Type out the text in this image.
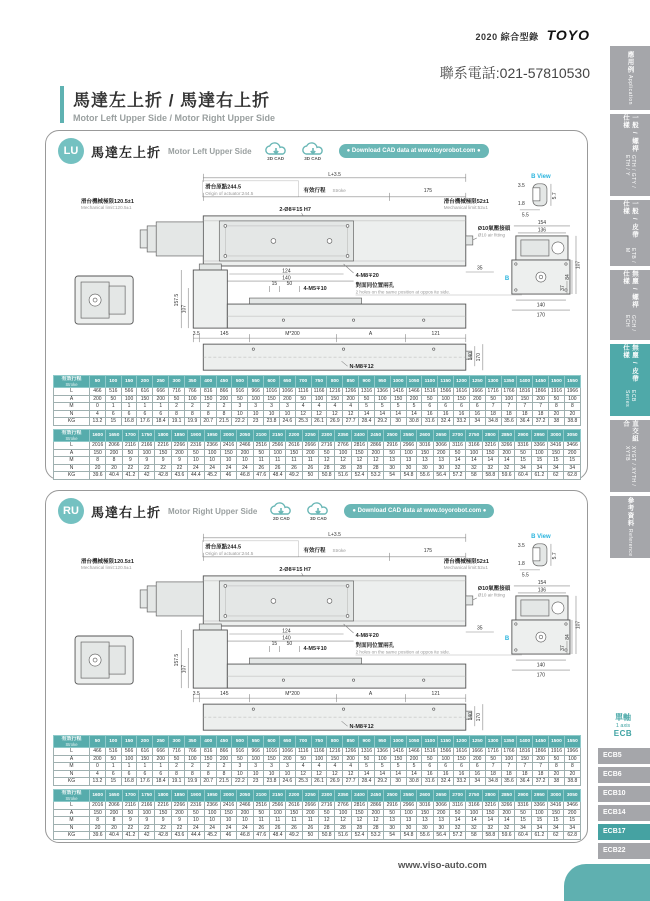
2020 綜合型錄 TOYO
聯系電話:021-57810530
馬達左上折 / 馬達右上折
Motor Left Upper Side / Motor Right Upper Side
LU 馬達左上折 Motor Left Upper Side
2D CAD	3D CAD
● Download CAD data at www.toyorobot.com ●
L+3.5
滑台原點244.5
Origin of actuator:244.5	有效行程 Stroke	175
滑台機械極限120.5±1
Mechanical limit:120.5±1	2-Ø8∓15 H7
滑台機械極限52±1
Mechanical limit:52±1
Ø10氣壓接頭
Ø10 air fitting
35
124
140	4-M8∓20
15 50
4-M5∓10
對面同位置兩孔
2 holes on the same position at oppos ite side.
157.5
107
3.5	145	M*200	A	121
N-M8∓12
140 170
B View
3.5
5.7
1.8
5.5
154
136
B
107
84
37
140
170
有效行程
Stroke	50	100	150	200	250	300	350	400	450	500	550	600	650	700	750	800	850	900	950	1000	1050	1100	1150	1200	1250	1300	1350	1400	1450	1500	1550
L	466	516	566	616	666	716	766	816	866	916	966	1016	1066	1116	1166	1216	1266	1316	1366	1416	1466	1516	1566	1616	1666	1716	1766	1816	1866	1916	1966
A	200	50	100	150	200	50	100	150	200	50	100	150	200	50	100	150	200	50	100	150	200	50	100	150	200	50	100	150	200	50	100
M	0	1	1	1	1	2	2	2	2	3	3	3	3	4	4	4	4	5	5	5	5	6	6	6	6	7	7	7	7	8	8
N	4	6	6	6	6	8	8	8	8	10	10	10	10	12	12	12	12	14	14	14	14	16	16	16	16	18	18	18	18	20	20
KG	13.2	15	16.8	17.6	18.4	19.1	19.9	20.7	21.5	22.2	23	23.8	24.6	25.3	26.1	26.9	27.7	28.4	29.2	30	30.8	31.6	32.4	33.2	34	34.8	35.6	36.4	37.2	38	38.8
有效行程
Stroke	1600	1650	1700	1750	1800	1850	1900	1950	2000	2050	2100	2150	2200	2250	2300	2350	2400	2450	2500	2550	2600	2650	2700	2750	2800	2850	2900	2950	3000	3050
L	2016	2066	2116	2166	2216	2266	2316	2366	2416	2466	2516	2566	2616	2666	2716	2766	2816	2866	2916	2966	3016	3066	3116	3166	3216	3266	3316	3366	3416	3466
A	150	200	50	100	150	200	50	100	150	200	50	100	150	200	50	100	150	200	50	100	150	200	50	100	150	200	50	100	150	200
M	8	8	9	9	9	9	10	10	10	10	11	11	11	11	12	12	12	12	13	13	13	13	14	14	14	14	15	15	15	15
N	20	20	22	22	22	22	24	24	24	24	26	26	26	26	28	28	28	28	30	30	30	30	32	32	32	32	34	34	34	34
KG	39.6	40.4	41.2	42	42.8	43.6	44.4	45.2	46	46.8	47.6	48.4	49.2	50	50.8	51.6	52.4	53.2	54	54.8	55.6	56.4	57.2	58	58.8	59.6	60.4	61.2	62	62.8
RU 馬達右上折 Motor Right Upper Side
2D CAD	3D CAD
● Download CAD data at www.toyorobot.com ●
L+3.5
滑台原點244.5
Origin of actuator:244.5	有效行程 Stroke	175
滑台機械極限120.5±1
Mechanical limit:120.5±1	2-Ø8∓15 H7
滑台機械極限52±1
Mechanical limit:52±1
Ø10氣壓接頭
Ø10 air fitting
35
124
140	4-M8∓20
15 50
4-M5∓10
對面同位置兩孔
2 holes on the same position at oppos ite side.
157.5
107
3.5	145	M*200	A	121
N-M8∓12
140 170
B View
3.5
5.7
1.8
5.5
154
136
B
107
84
37
140
170
有效行程
Stroke	50	100	150	200	250	300	350	400	450	500	550	600	650	700	750	800	850	900	950	1000	1050	1100	1150	1200	1250	1300	1350	1400	1450	1500	1550
L	466	516	566	616	666	716	766	816	866	916	966	1016	1066	1116	1166	1216	1266	1316	1366	1416	1466	1516	1566	1616	1666	1716	1766	1816	1866	1916	1966
A	200	50	100	150	200	50	100	150	200	50	100	150	200	50	100	150	200	50	100	150	200	50	100	150	200	50	100	150	200	50	100
M	0	1	1	1	1	2	2	2	2	3	3	3	3	4	4	4	4	5	5	5	5	6	6	6	6	7	7	7	7	8	8
N	4	6	6	6	6	8	8	8	8	10	10	10	10	12	12	12	12	14	14	14	14	16	16	16	16	18	18	18	18	20	20
KG	13.2	15	16.8	17.6	18.4	19.1	19.9	20.7	21.5	22.2	23	23.8	24.6	25.3	26.1	26.9	27.7	28.4	29.2	30	30.8	31.6	32.4	33.2	34	34.8	35.6	36.4	37.2	38	38.8
有效行程
Stroke	1600	1650	1700	1750	1800	1850	1900	1950	2000	2050	2100	2150	2200	2250	2300	2350	2400	2450	2500	2550	2600	2650	2700	2750	2800	2850	2900	2950	3000	3050
L	2016	2066	2116	2166	2216	2266	2316	2366	2416	2466	2516	2566	2616	2666	2716	2766	2816	2866	2916	2966	3016	3066	3116	3166	3216	3266	3316	3366	3416	3466
A	150	200	50	100	150	200	50	100	150	200	50	100	150	200	50	100	150	200	50	100	150	200	50	100	150	200	50	100	150	200
M	8	8	9	9	9	9	10	10	10	10	11	11	11	11	12	12	12	12	13	13	13	13	14	14	14	14	15	15	15	15
N	20	20	22	22	22	22	24	24	24	24	26	26	26	26	28	28	28	28	30	30	30	30	32	32	32	32	34	34	34	34
KG	39.6	40.4	41.2	42	42.8	43.6	44.4	45.2	46	46.8	47.6	48.4	49.2	50	50.8	51.6	52.4	53.2	54	54.8	55.6	56.4	57.2	58	58.8	59.6	60.4	61.2	62	62.8
應用例
Application
一般 / 螺桿仕樣
GTH / GTY / ETH / Y
一般 / 皮帶仕樣
ETB / M
無塵 / 螺桿仕樣
GCH / ECH
無塵 / 皮帶仕樣
ECB Series
直交組合
XYGT / XYTH / XYTB
參考資料
Reference
單軸
1 axis
ECB
ECB5
ECB6
ECB10
ECB14
ECB17
ECB22
www.viso-auto.com
